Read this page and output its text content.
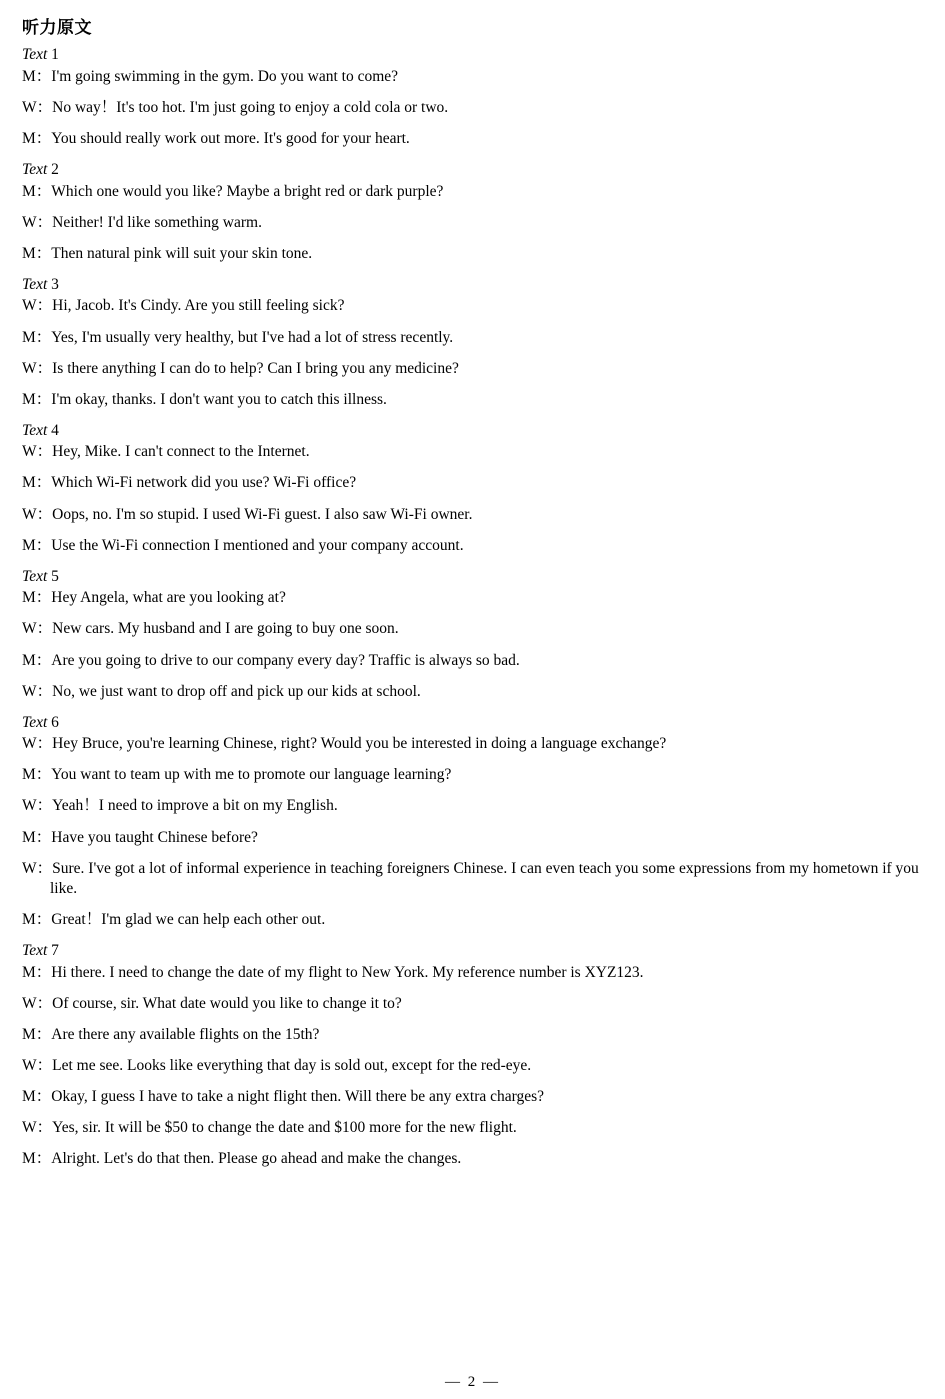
听力原文
Text 1

M：I'm going swimming in the gym. Do you want to come?

W：No way！It's too hot. I'm just going to enjoy a cold cola or two.

M：You should really work out more. It's good for your heart.

Text 2

M：Which one would you like? Maybe a bright red or dark purple?

W：Neither! I'd like something warm.

M：Then natural pink will suit your skin tone.

Text 3

W：Hi, Jacob. It's Cindy. Are you still feeling sick?

M：Yes, I'm usually very healthy, but I've had a lot of stress recently.

W：Is there anything I can do to help? Can I bring you any medicine?

M：I'm okay, thanks. I don't want you to catch this illness.

Text 4

W：Hey, Mike. I can't connect to the Internet.

M：Which Wi-Fi network did you use? Wi-Fi office?

W：Oops, no. I'm so stupid. I used Wi-Fi guest. I also saw Wi-Fi owner.

M：Use the Wi-Fi connection I mentioned and your company account.

Text 5

M：Hey Angela, what are you looking at?

W：New cars. My husband and I are going to buy one soon.

M：Are you going to drive to our company every day? Traffic is always so bad.

W：No, we just want to drop off and pick up our kids at school.

Text 6

W：Hey Bruce, you're learning Chinese, right? Would you be interested in doing a language exchange?

M：You want to team up with me to promote our language learning?

W：Yeah！I need to improve a bit on my English.

M：Have you taught Chinese before?

W：Sure. I've got a lot of informal experience in teaching foreigners Chinese. I can even teach you some expressions from my hometown if you like.

M：Great！I'm glad we can help each other out.

Text 7

M：Hi there. I need to change the date of my flight to New York. My reference number is XYZ123.

W：Of course, sir. What date would you like to change it to?

M：Are there any available flights on the 15th?

W：Let me see. Looks like everything that day is sold out, except for the red-eye.

M：Okay, I guess I have to take a night flight then. Will there be any extra charges?

W：Yes, sir. It will be $50 to change the date and $100 more for the new flight.

M：Alright. Let's do that then. Please go ahead and make the changes.

— 2 —
